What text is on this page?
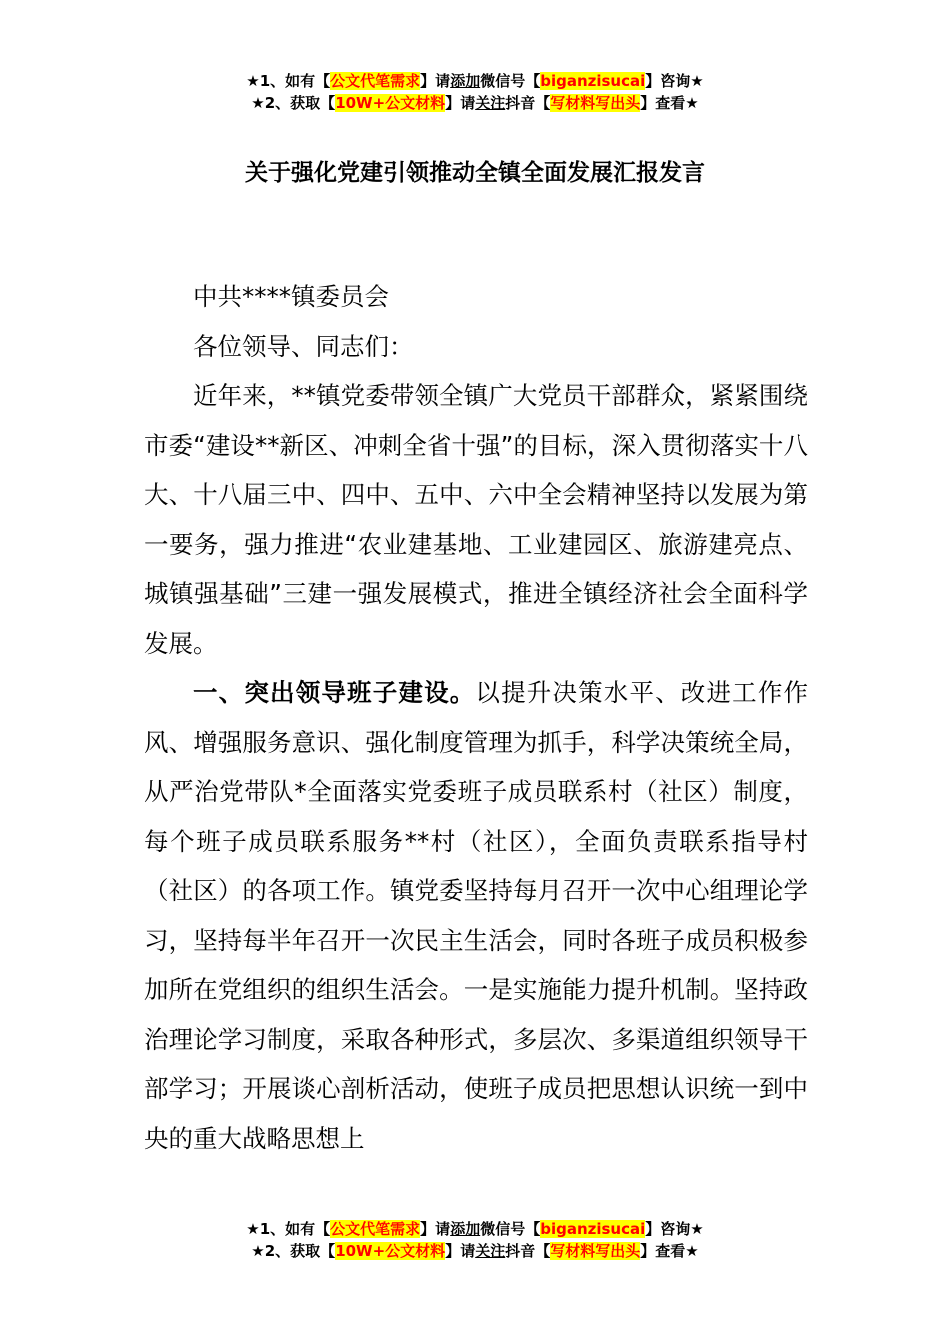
★1、如有【公文代笔需求】请添加微信号【biganzisucai】咨询★
★2、获取【10W+公文材料】请关注抖音【写材料写出头】查看★
关于强化党建引领推动全镇全面发展汇报发言

中共****镇委员会

各位领导、同志们：

近年来，**镇党委带领全镇广大党员干部群众，紧紧围绕市委“建设**新区、冲刺全省十强”的目标，深入贯彻落实十八大、十八届三中、四中、五中、六中全会精神坚持以发展为第一要务，强力推进“农业建基地、工业建园区、旅游建亮点、城镇强基础”三建一强发展模式，推进全镇经济社会全面科学发展。

一、突出领导班子建设。以提升决策水平、改进工作作风、增强服务意识、强化制度管理为抓手，科学决策统全局，从严治党带队*全面落实党委班子成员联系村（社区）制度，每个班子成员联系服务**村（社区），全面负责联系指导村（社区）的各项工作。镇党委坚持每月召开一次中心组理论学习，坚持每半年召开一次民主生活会，同时各班子成员积极参加所在党组织的组织生活会。一是实施能力提升机制。坚持政治理论学习制度，采取各种形式，多层次、多渠道组织领导干部学习；开展谈心剖析活动，使班子成员把思想认识统一到中央的重大战略思想上

★1、如有【公文代笔需求】请添加微信号【biganzisucai】咨询★
★2、获取【10W+公文材料】请关注抖音【写材料写出头】查看★
